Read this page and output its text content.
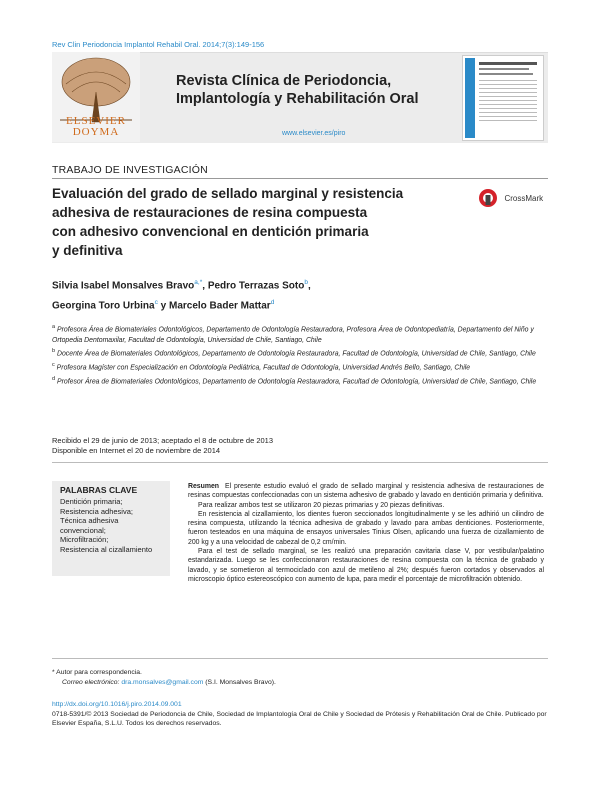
Rev Clin Periodoncia Implantol Rehabil Oral. 2014;7(3):149-156
ELSEVIER DOYMA
Revista Clínica de Periodoncia,
Implantología y Rehabilitación Oral
www.elsevier.es/piro
TRABAJO DE INVESTIGACIÓN
Evaluación del grado de sellado marginal y resistencia
adhesiva de restauraciones de resina compuesta
con adhesivo convencional en dentición primaria
y definitiva
CrossMark
Silvia Isabel Monsalves Bravo$^{a,*}$, Pedro Terrazas Soto$^b$,
Georgina Toro Urbina$^c$ y Marcelo Bader Mattar$^d$

$^a$ Profesora Área de Biomateriales Odontológicos, Departamento de Odontología Restauradora, Profesora Área de Odontopediatría, Departamento del Niño y Ortopedia Dentomaxilar, Facultad de Odontología, Universidad de Chile, Santiago, Chile

$^b$ Docente Área de Biomateriales Odontológicos, Departamento de Odontología Restauradora, Facultad de Odontología, Universidad de Chile, Santiago, Chile

$^c$ Profesora Magíster con Especialización en Odontología Pediátrica, Facultad de Odontología, Universidad Andrés Bello, Santiago, Chile

$^d$ Profesor Área de Biomateriales Odontológicos, Departamento de Odontología Restauradora, Facultad de Odontología, Universidad de Chile, Santiago, Chile

Recibido el 29 de junio de 2013; aceptado el 8 de octubre de 2013
Disponible en Internet el 20 de noviembre de 2014
PALABRAS CLAVE
Dentición primaria;
Resistencia adhesiva;
Técnica adhesiva convencional;
Microfiltración;
Resistencia al cizallamiento

Resumen El presente estudio evaluó el grado de sellado marginal y resistencia adhesiva de restauraciones de resinas compuestas confeccionadas con un sistema adhesivo de grabado y lavado en dentición primaria y definitiva.

Para realizar ambos test se utilizaron 20 piezas primarias y 20 piezas definitivas.

En resistencia al cizallamiento, los dientes fueron seccionados longitudinalmente y se les adhirió un cilindro de resina compuesta, utilizando la técnica adhesiva de grabado y lavado para ambas denticiones. Posteriormente, fueron testeados en una máquina de ensayos universales Tinius Olsen, aplicando una fuerza de cizallamiento de 200 kg y a una velocidad de cabezal de 0,2 cm/min.

Para el test de sellado marginal, se les realizó una preparación cavitaria clase V, por vestibular/palatino estandarizada. Luego se les confeccionaron restauraciones de resina compuesta con la técnica de grabado y lavado, y se sometieron al termociclado con azul de metileno al 2%; después fueron cortados y observados al microscopio óptico estereoscópico con aumento de lupa, para medir el porcentaje de microfiltración obtenido.

* Autor para correspondencia.
Correo electrónico: dra.monsalves@gmail.com (S.I. Monsalves Bravo).
http://dx.doi.org/10.1016/j.piro.2014.09.001
0718-5391/© 2013 Sociedad de Periodoncia de Chile, Sociedad de Implantología Oral de Chile y Sociedad de Prótesis y Rehabilitación Oral de Chile. Publicado por Elsevier España, S.L.U. Todos los derechos reservados.
